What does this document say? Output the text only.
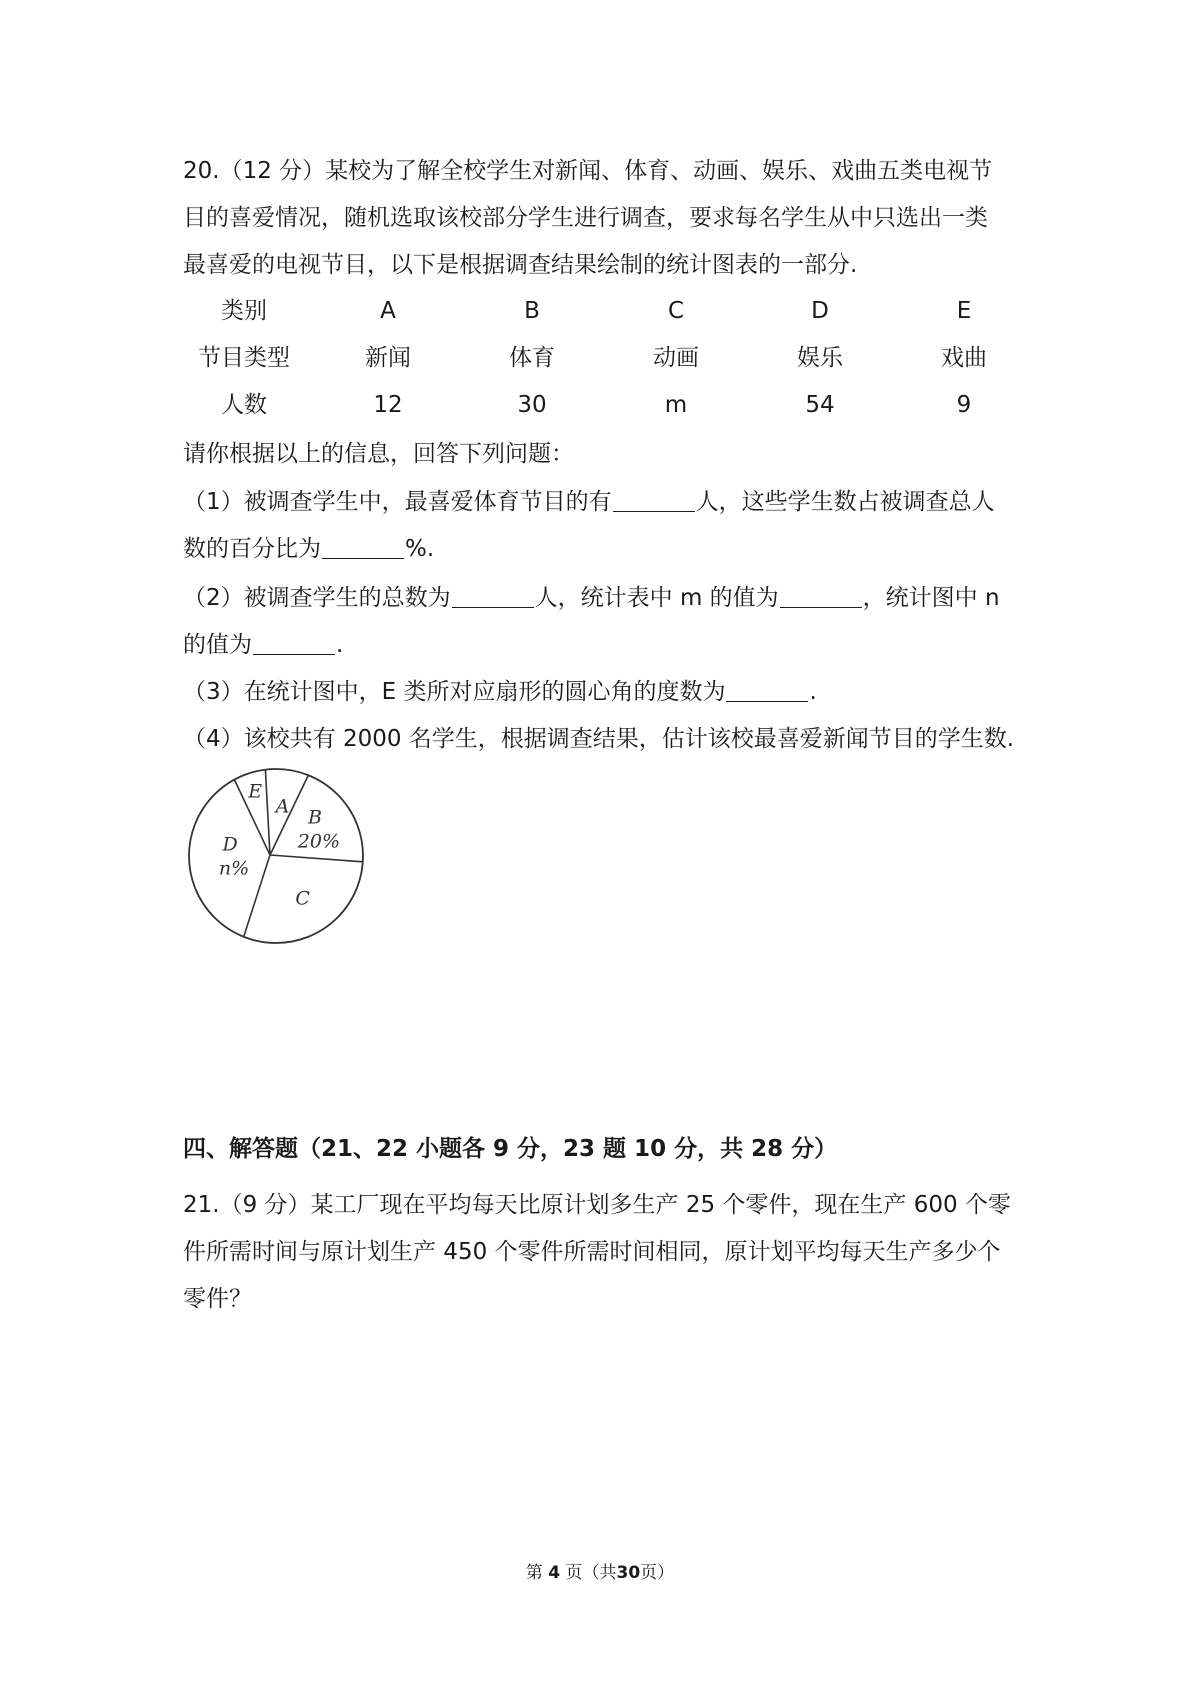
20.（12 分）某校为了解全校学生对新闻、体育、动画、娱乐、戏曲五类电视节

目的喜爱情况，随机选取该校部分学生进行调查，要求每名学生从中只选出一类

最喜爱的电视节目，以下是根据调查结果绘制的统计图表的一部分.

类别	A	B	C	D	E
节目类型	新闻	体育	动画	娱乐	戏曲
人数	12	30	m	54	9

请你根据以上的信息，回答下列问题：

（1）被调查学生中，最喜爱体育节目的有	人，这些学生数占被调查总人

数的百分比为	%.

（2）被调查学生的总数为	人，统计表中 m 的值为	，统计图中 n

的值为	.

（3）在统计图中，E 类所对应扇形的圆心角的度数为	.

（4）该校共有 2000 名学生，根据调查结果，估计该校最喜爱新闻节目的学生数.

A
B
20%
C
D
n%
E

四、解答题（21、22 小题各 9 分，23 题 10 分，共 28 分）

21.（9 分）某工厂现在平均每天比原计划多生产 25 个零件，现在生产 600 个零

件所需时间与原计划生产 450 个零件所需时间相同，原计划平均每天生产多少个

零件？

第 4 页（共30页）
